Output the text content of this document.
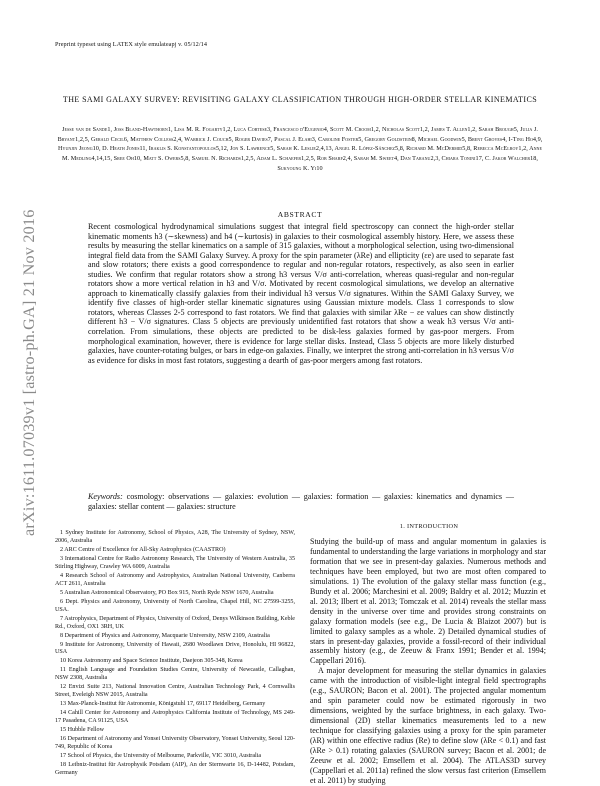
Preprint typeset using LATEX style emulateapj v. 05/12/14
arXiv:1611.07039v1 [astro-ph.GA] 21 Nov 2016
THE SAMI GALAXY SURVEY: REVISITING GALAXY CLASSIFICATION THROUGH HIGH-ORDER STELLAR KINEMATICS
Jesse van de Sande1, Joss Bland-Hawthorn1, Lisa M. R. Fogarty1,2, Luca Cortese3, Francesco d'Eugenio4, Scott M. Croom1,2, Nicholas Scott1,2, James T. Allen1,2, Sarah Brough5, Julia J. Bryant1,2,5, Gerald Cecil6, Matthew Colless2,4, Warrick J. Couch5, Roger Davies7, Pascal J. Elahi3, Caroline Foster5, Gregory Goldstein8, Michael Goodwin5, Brent Groves4, I-Ting Ho4,9, Hyunjin Jeong10, D. Heath Jones11, Iraklis S. Konstantopoulos5,12, Jon S. Lawrence5, Sarah K. Leslie2,4,13, Angel R. López-Sánchez5,8, Richard M. McDermid5,8, Rebecca McElroy1,2, Anne M. Medling4,14,15, Sree Oh10, Matt S. Owers5,8, Samuel N. Richards1,2,5, Adam L. Schaefer1,2,5, Rob Sharp2,4, Sarah M. Sweet4, Dan Taranu2,3, Chiara Tonini17, C. Jakob Walcher18, Sukyoung K. Yi10
ABSTRACT

Recent cosmological hydrodynamical simulations suggest that integral field spectroscopy can connect the high-order stellar kinematic moments h3 (∼skewness) and h4 (∼kurtosis) in galaxies to their cosmological assembly history. Here, we assess these results by measuring the stellar kinematics on a sample of 315 galaxies, without a morphological selection, using two-dimensional integral field data from the SAMI Galaxy Survey. A proxy for the spin parameter (λRe) and ellipticity (εe) are used to separate fast and slow rotators; there exists a good correspondence to regular and non-regular rotators, respectively, as also seen in earlier studies. We confirm that regular rotators show a strong h3 versus V/σ anti-correlation, whereas quasi-regular and non-regular rotators show a more vertical relation in h3 and V/σ. Motivated by recent cosmological simulations, we develop an alternative approach to kinematically classify galaxies from their individual h3 versus V/σ signatures. Within the SAMI Galaxy Survey, we identify five classes of high-order stellar kinematic signatures using Gaussian mixture models. Class 1 corresponds to slow rotators, whereas Classes 2-5 correspond to fast rotators. We find that galaxies with similar λRe − εe values can show distinctly different h3 − V/σ signatures. Class 5 objects are previously unidentified fast rotators that show a weak h3 versus V/σ anti-correlation. From simulations, these objects are predicted to be disk-less galaxies formed by gas-poor mergers. From morphological examination, however, there is evidence for large stellar disks. Instead, Class 5 objects are more likely disturbed galaxies, have counter-rotating bulges, or bars in edge-on galaxies. Finally, we interpret the strong anti-correlation in h3 versus V/σ as evidence for disks in most fast rotators, suggesting a dearth of gas-poor mergers among fast rotators.

Keywords: cosmology: observations — galaxies: evolution — galaxies: formation — galaxies: kinematics and dynamics — galaxies: stellar content — galaxies: structure

1 Sydney Institute for Astronomy, School of Physics, A28, The University of Sydney, NSW, 2006, Australia

2 ARC Centre of Excellence for All-Sky Astrophysics (CAASTRO)

3 International Centre for Radio Astronomy Research, The University of Western Australia, 35 Stirling Highway, Crawley WA 6009, Australia

4 Research School of Astronomy and Astrophysics, Australian National University, Canberra ACT 2611, Australia

5 Australian Astronomical Observatory, PO Box 915, North Ryde NSW 1670, Australia

6 Dept. Physics and Astronomy, University of North Carolina, Chapel Hill, NC 27599-3255, USA.

7 Astrophysics, Department of Physics, University of Oxford, Denys Wilkinson Building, Keble Rd., Oxford, OX1 3RH, UK

8 Department of Physics and Astronomy, Macquarie University, NSW 2109, Australia

9 Institute for Astronomy, University of Hawaii, 2680 Woodlawn Drive, Honolulu, HI 96822, USA

10 Korea Astronomy and Space Science Institute, Daejeon 305-348, Korea

11 English Language and Foundation Studies Centre, University of Newcastle, Callaghan, NSW 2308, Australia

12 Envizi Suite 213, National Innovation Centre, Australian Technology Park, 4 Cornwallis Street, Eveleigh NSW 2015, Australia

13 Max-Planck-Institut für Astronomie, Königstuhl 17, 69117 Heidelberg, Germany

14 Cahill Center for Astronomy and Astrophysics California Institute of Technology, MS 249-17 Pasadena, CA 91125, USA

15 Hubble Fellow

16 Department of Astronomy and Yonsei University Observatory, Yonsei University, Seoul 120-749, Republic of Korea

17 School of Physics, the University of Melbourne, Parkville, VIC 3010, Australia

18 Leibniz-Institut für Astrophysik Potsdam (AIP), An der Sternwarte 16, D-14482, Potsdam, Germany

1. INTRODUCTION

Studying the build-up of mass and angular momentum in galaxies is fundamental to understanding the large variations in morphology and star formation that we see in present-day galaxies. Numerous methods and techniques have been employed, but two are most often compared to simulations. 1) The evolution of the galaxy stellar mass function (e.g., Bundy et al. 2006; Marchesini et al. 2009; Baldry et al. 2012; Muzzin et al. 2013; Ilbert et al. 2013; Tomczak et al. 2014) reveals the stellar mass density in the universe over time and provides strong constraints on galaxy formation models (see e.g., De Lucia & Blaizot 2007) but is limited to galaxy samples as a whole. 2) Detailed dynamical studies of stars in present-day galaxies, provide a fossil-record of their individual assembly history (e.g., de Zeeuw & Franx 1991; Bender et al. 1994; Cappellari 2016).

A major development for measuring the stellar dynamics in galaxies came with the introduction of visible-light integral field spectrographs (e.g., SAURON; Bacon et al. 2001). The projected angular momentum and spin parameter could now be estimated rigorously in two dimensions, weighted by the surface brightness, in each galaxy. Two-dimensional (2D) stellar kinematics measurements led to a new technique for classifying galaxies using a proxy for the spin parameter (λR) within one effective radius (Re) to define slow (λRe < 0.1) and fast (λRe > 0.1) rotating galaxies (SAURON survey; Bacon et al. 2001; de Zeeuw et al. 2002; Emsellem et al. 2004). The ATLAS3D survey (Cappellari et al. 2011a) refined the slow versus fast criterion (Emsellem et al. 2011) by studying
